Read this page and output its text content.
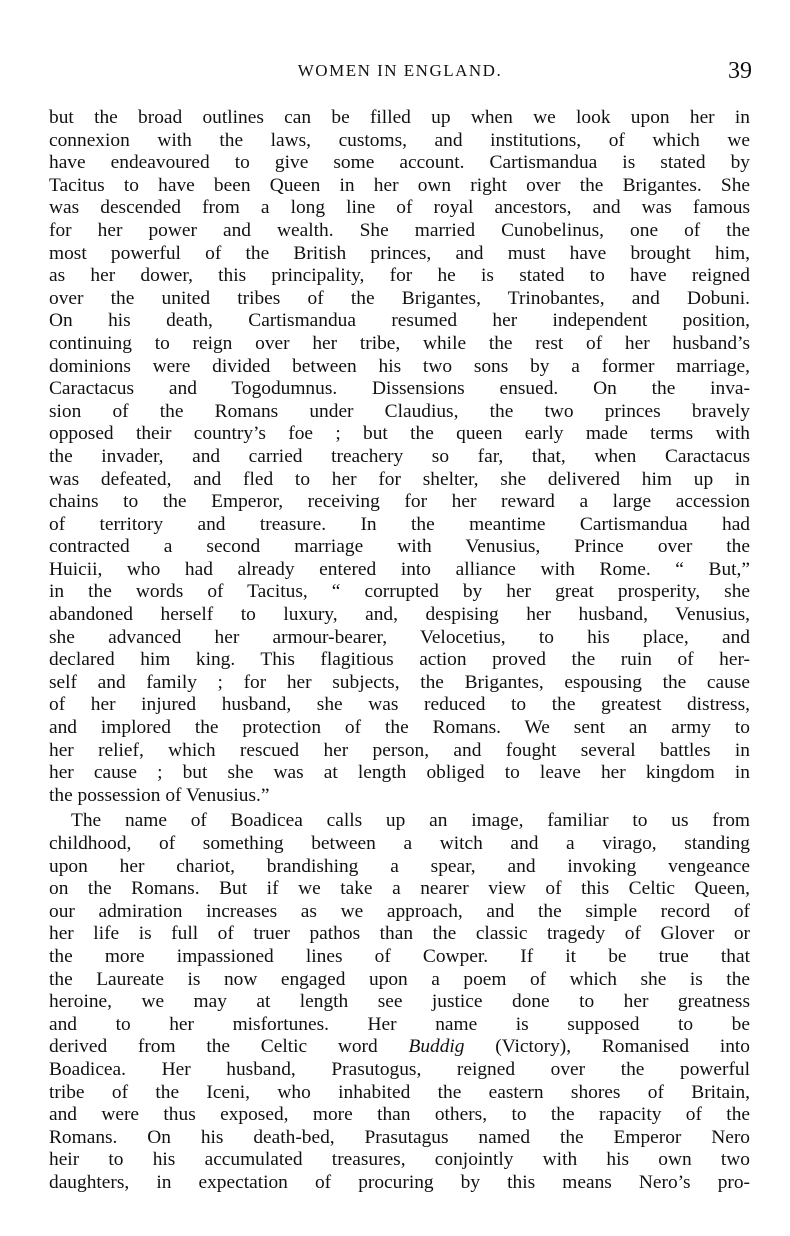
WOMEN IN ENGLAND.	39
but the broad outlines can be filled up when we look upon her in
connexion with the laws, customs, and institutions, of which we
have endeavoured to give some account. Cartismandua is stated by
Tacitus to have been Queen in her own right over the Brigantes. She
was descended from a long line of royal ancestors, and was famous
for her power and wealth. She married Cunobelinus, one of the
most powerful of the British princes, and must have brought him,
as her dower, this principality, for he is stated to have reigned
over the united tribes of the Brigantes, Trinobantes, and Dobuni.
On his death, Cartismandua resumed her independent position,
continuing to reign over her tribe, while the rest of her husband’s
dominions were divided between his two sons by a former marriage,
Caractacus and Togodumnus. Dissensions ensued. On the inva-
sion of the Romans under Claudius, the two princes bravely
opposed their country’s foe ; but the queen early made terms with
the invader, and carried treachery so far, that, when Caractacus
was defeated, and fled to her for shelter, she delivered him up in
chains to the Emperor, receiving for her reward a large accession
of territory and treasure. In the meantime Cartismandua had
contracted a second marriage with Venusius, Prince over the
Huicii, who had already entered into alliance with Rome. “ But,”
in the words of Tacitus, “ corrupted by her great prosperity, she
abandoned herself to luxury, and, despising her husband, Venusius,
she advanced her armour-bearer, Velocetius, to his place, and
declared him king. This flagitious action proved the ruin of her-
self and family ; for her subjects, the Brigantes, espousing the cause
of her injured husband, she was reduced to the greatest distress,
and implored the protection of the Romans. We sent an army to
her relief, which rescued her person, and fought several battles in
her cause ; but she was at length obliged to leave her kingdom in
the possession of Venusius.”
The name of Boadicea calls up an image, familiar to us from
childhood, of something between a witch and a virago, standing
upon her chariot, brandishing a spear, and invoking vengeance
on the Romans. But if we take a nearer view of this Celtic Queen,
our admiration increases as we approach, and the simple record of
her life is full of truer pathos than the classic tragedy of Glover or
the more impassioned lines of Cowper. If it be true that
the Laureate is now engaged upon a poem of which she is the
heroine, we may at length see justice done to her greatness
and to her misfortunes. Her name is supposed to be
derived from the Celtic word Buddig (Victory), Romanised into
Boadicea. Her husband, Prasutogus, reigned over the powerful
tribe of the Iceni, who inhabited the eastern shores of Britain,
and were thus exposed, more than others, to the rapacity of the
Romans. On his death-bed, Prasutagus named the Emperor Nero
heir to his accumulated treasures, conjointly with his own two
daughters, in expectation of procuring by this means Nero’s pro-
